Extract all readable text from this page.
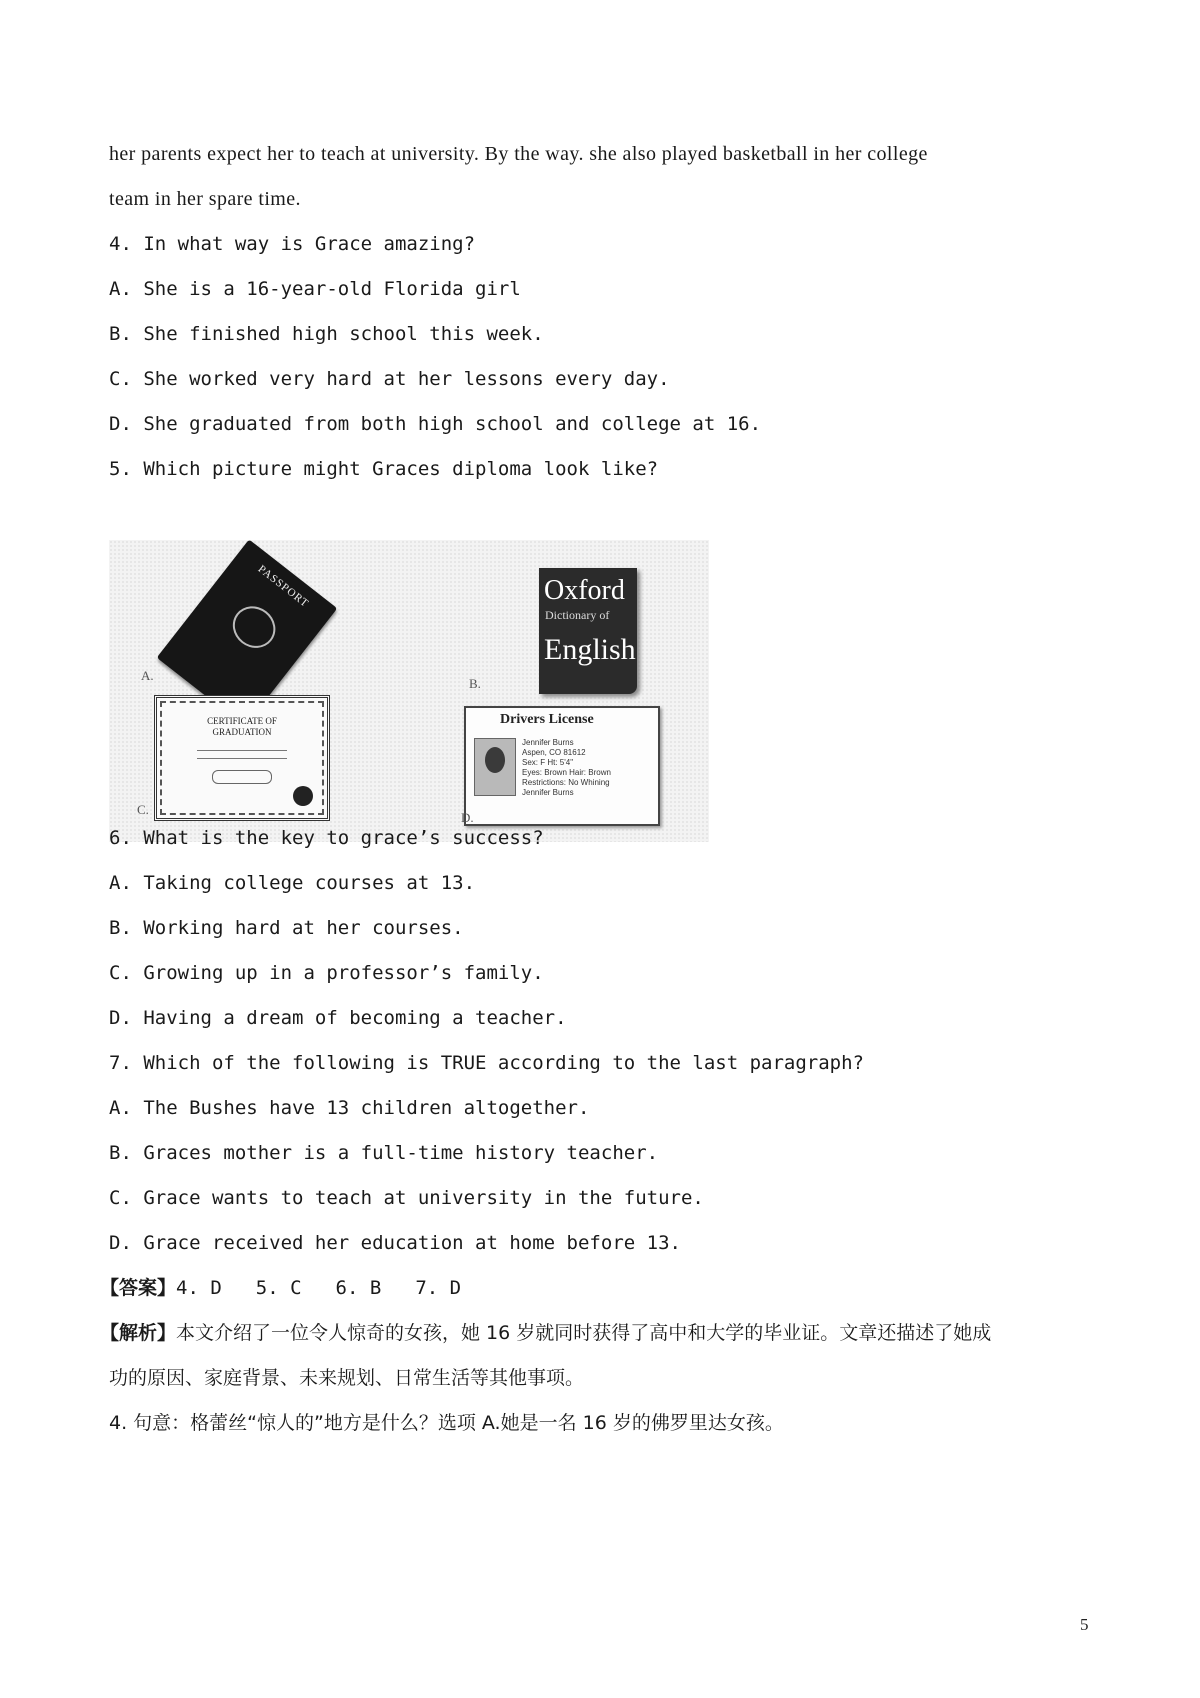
her parents expect her to teach at university. By the way. she also played basketball in her college
team in her spare time.
4. In what way is Grace amazing?
A. She is a 16-year-old Florida girl
B. She finished high school this week.
C. She worked very hard at her lessons every day.
D. She graduated from both high school and college at 16.
5. Which picture might Graces diploma look like?
PASSPORT
A.
Oxford
Dictionary of
English
B.
CERTIFICATE OF
GRADUATION
C.
Drivers License
Jennifer Burns
Aspen, CO 81612
Sex: F Ht: 5'4"
Eyes: Brown Hair: Brown
Restrictions: No Whining
Jennifer Burns
D.
6. What is the key to grace’s success?
A. Taking college courses at 13.
B. Working hard at her courses.
C. Growing up in a professor’s family.
D. Having a dream of becoming a teacher.
7. Which of the following is TRUE according to the last paragraph?
A. The Bushes have 13 children altogether.
B. Graces mother is a full-time history teacher.
C. Grace wants to teach at university in the future.
D. Grace received her education at home before 13.
【答案】4. D 5. C 6. B 7. D
【解析】本文介绍了一位令人惊奇的女孩，她 16 岁就同时获得了高中和大学的毕业证。文章还描述了她成
功的原因、家庭背景、未来规划、日常生活等其他事项。
4. 句意：格蕾丝“惊人的”地方是什么？选项 A.她是一名 16 岁的佛罗里达女孩。
5
